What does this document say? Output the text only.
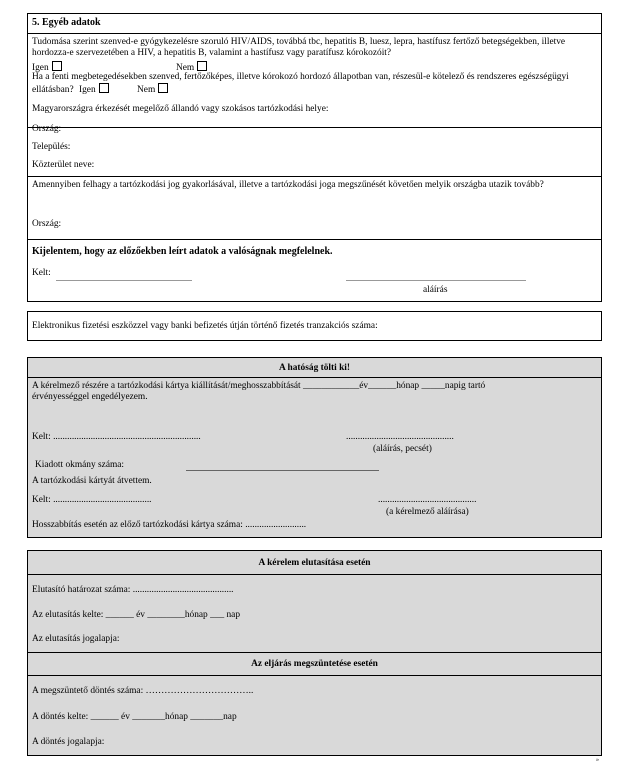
5. Egyéb adatok
Tudomása szerint szenved-e gyógykezelésre szoruló HIV/AIDS, továbbá tbc, hepatitis B, luesz, lepra, hastífusz fertőző betegségekben, illetve hordozza-e szervezetében a HIV, a hepatitis B, valamint a hastífusz vagy paratífusz kórokozóit?
Igen	Nem
Ha a fenti megbetegedésekben szenved, fertőzőképes, illetve kórokozó hordozó állapotban van, részesül-e kötelező és rendszeres egészségügyi ellátásban? Igen	Nem
Magyarországra érkezését megelőző állandó vagy szokásos tartózkodási helye:
Ország:
Település:
Közterület neve:
Amennyiben felhagy a tartózkodási jog gyakorlásával, illetve a tartózkodási joga megszűnését követően melyik országba utazik tovább?
Ország:
Kijelentem, hogy az előzőekben leírt adatok a valóságnak megfelelnek.
Kelt:
aláírás
Elektronikus fizetési eszközzel vagy banki befizetés útján történő fizetés tranzakciós száma:
A hatóság tölti ki!
A kérelmező részére a tartózkodási kártya kiállítását/meghosszabbítását ____________év______hónap _____napig tartó
érvényességgel engedélyezem.
Kelt: ...............................................................	..............................................
(aláírás, pecsét)
Kiadott okmány száma:
A tartózkodási kártyát átvettem.
Kelt: ..........................................	..........................................
(a kérelmező aláírása)
Hosszabbítás esetén az előző tartózkodási kártya száma: ..........................
A kérelem elutasítása esetén
Elutasító határozat száma: ...........................................
Az elutasítás kelte: ______ év ________hónap ___ nap
Az elutasítás jogalapja:
Az eljárás megszüntetése esetén
A megszüntető döntés száma: ……………………………..
A döntés kelte: ______ év _______hónap _______nap
A döntés jogalapja:
»
